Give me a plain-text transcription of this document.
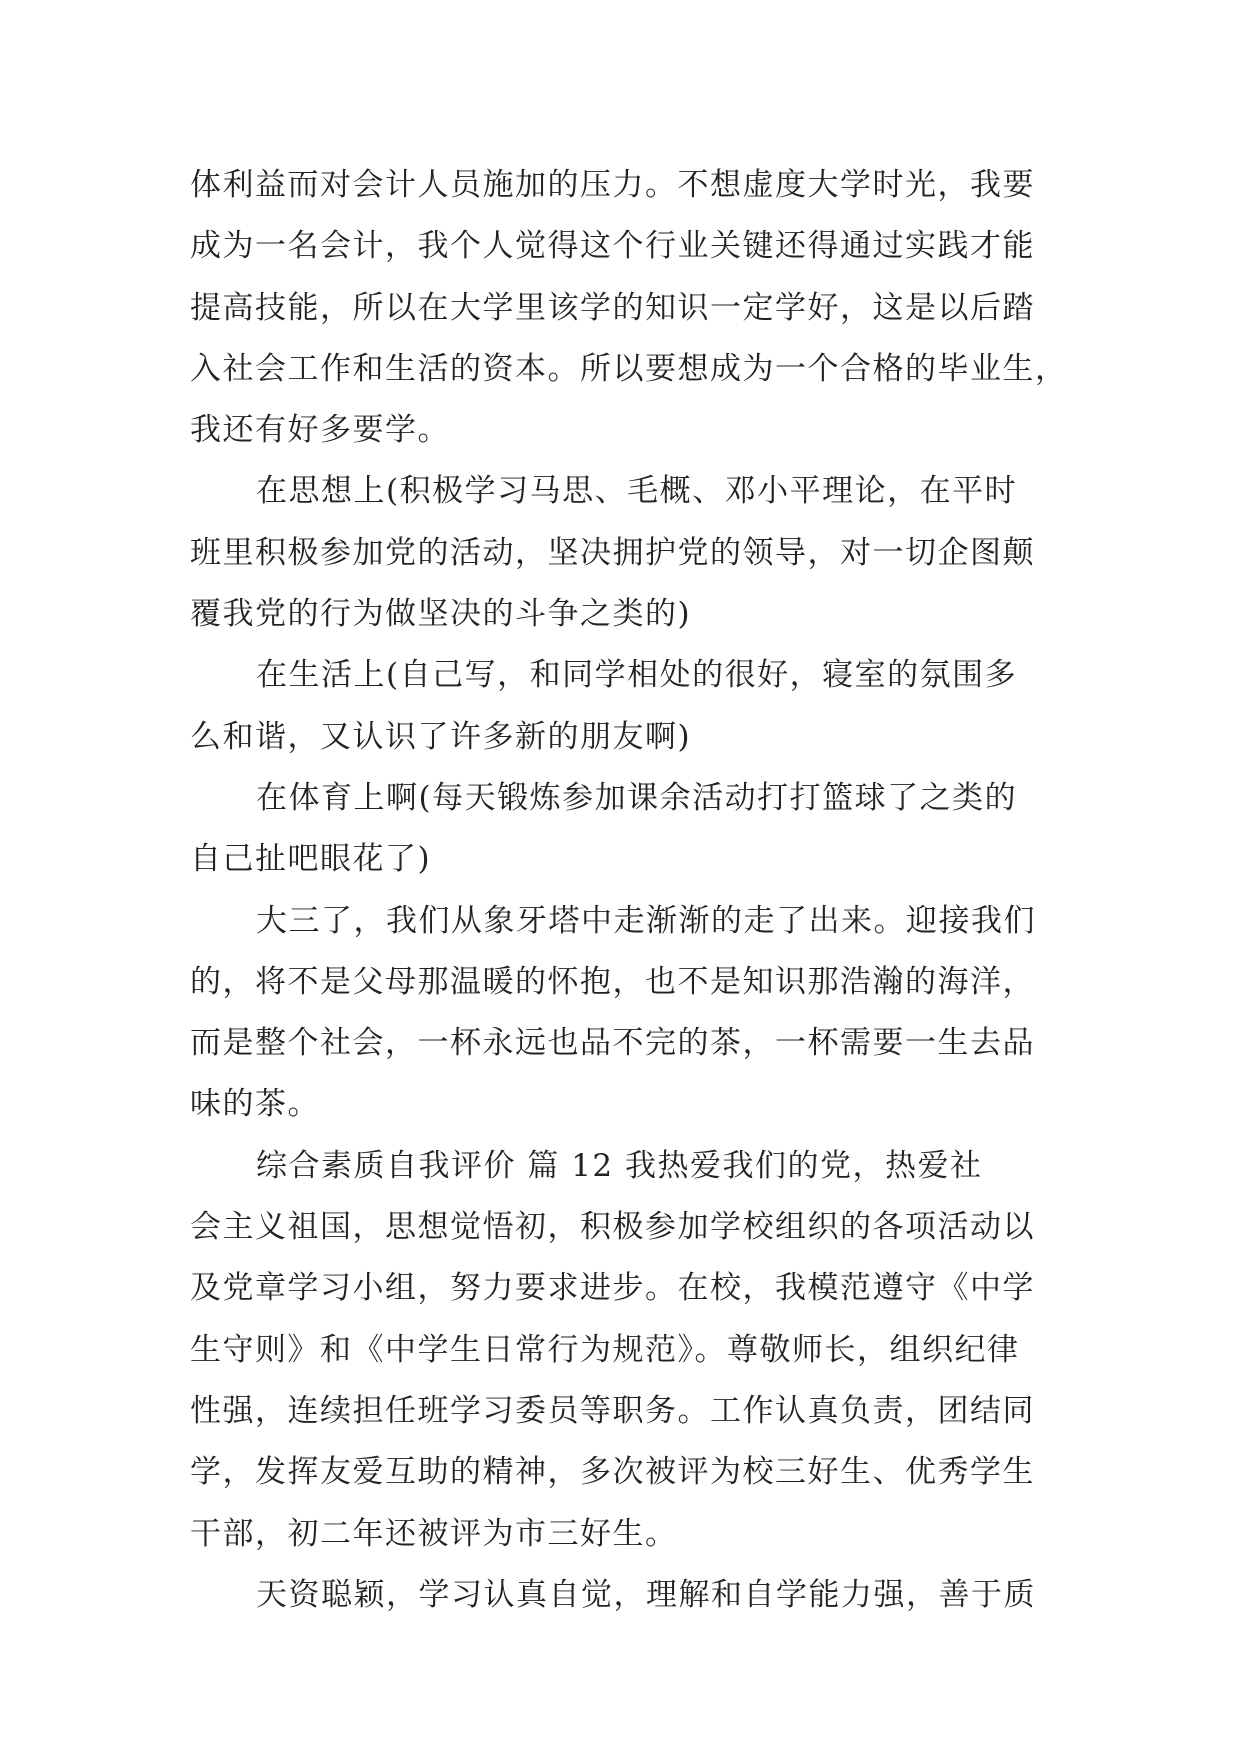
体利益而对会计人员施加的压力。不想虚度大学时光，我要
成为一名会计，我个人觉得这个行业关键还得通过实践才能
提高技能，所以在大学里该学的知识一定学好，这是以后踏
入社会工作和生活的资本。所以要想成为一个合格的毕业生，
我还有好多要学。
在思想上(积极学习马思、毛概、邓小平理论，在平时
班里积极参加党的活动，坚决拥护党的领导，对一切企图颠
覆我党的行为做坚决的斗争之类的)
在生活上(自己写，和同学相处的很好，寝室的氛围多
么和谐，又认识了许多新的朋友啊)
在体育上啊(每天锻炼参加课余活动打打篮球了之类的
自己扯吧眼花了)
大三了，我们从象牙塔中走渐渐的走了出来。迎接我们
的，将不是父母那温暖的怀抱，也不是知识那浩瀚的海洋，
而是整个社会，一杯永远也品不完的茶，一杯需要一生去品
味的茶。
综合素质自我评价 篇 12 我热爱我们的党，热爱社
会主义祖国，思想觉悟初，积极参加学校组织的各项活动以
及党章学习小组，努力要求进步。在校，我模范遵守《中学
生守则》和《中学生日常行为规范》。尊敬师长，组织纪律
性强，连续担任班学习委员等职务。工作认真负责，团结同
学，发挥友爱互助的精神，多次被评为校三好生、优秀学生
干部，初二年还被评为市三好生。
天资聪颖，学习认真自觉，理解和自学能力强，善于质
